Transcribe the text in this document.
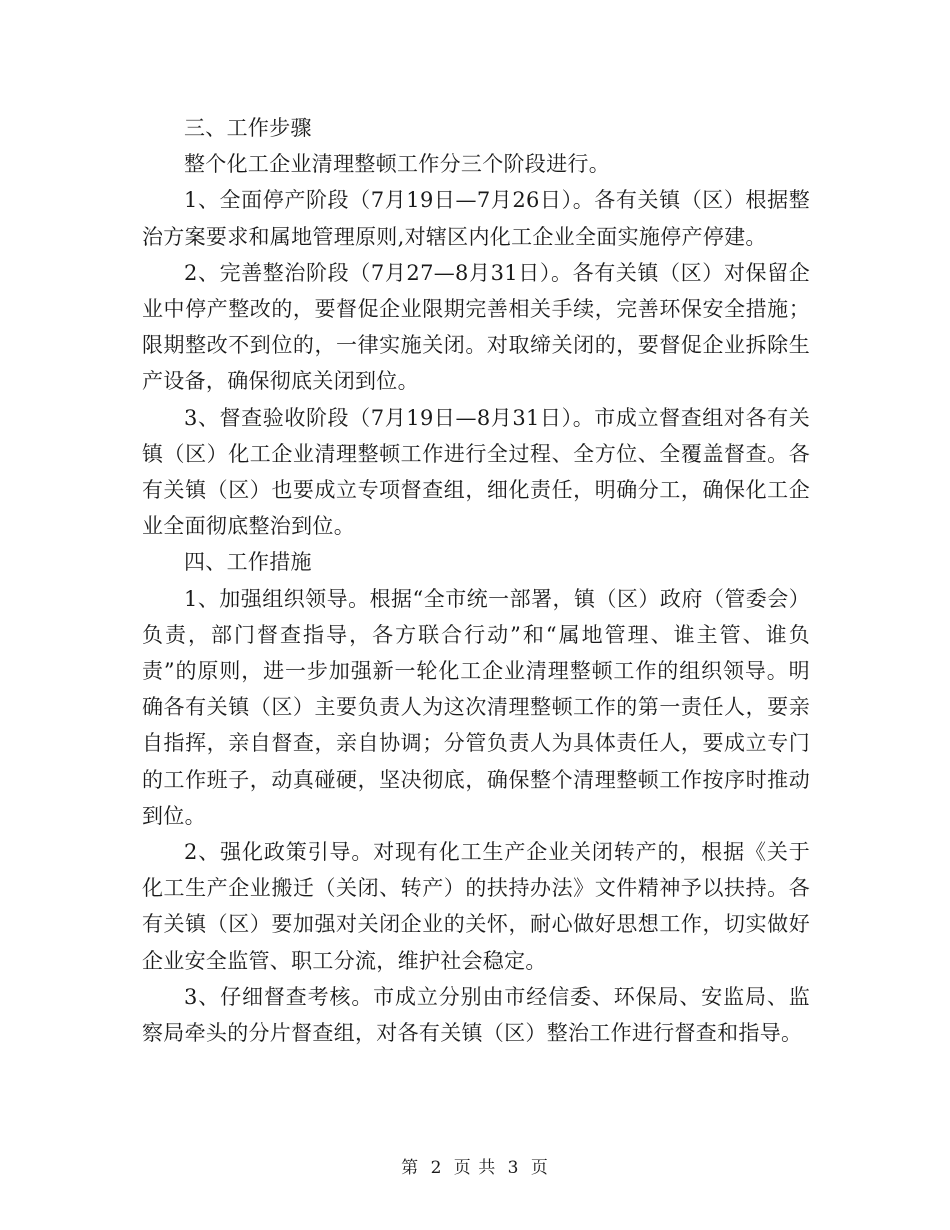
三、工作步骤

整个化工企业清理整顿工作分三个阶段进行。

1、全面停产阶段（7月19日—7月26日）。各有关镇（区）根据整治方案要求和属地管理原则,对辖区内化工企业全面实施停产停建。

2、完善整治阶段（7月27—8月31日）。各有关镇（区）对保留企业中停产整改的，要督促企业限期完善相关手续，完善环保安全措施；限期整改不到位的，一律实施关闭。对取缔关闭的，要督促企业拆除生产设备，确保彻底关闭到位。

3、督查验收阶段（7月19日—8月31日）。市成立督查组对各有关镇（区）化工企业清理整顿工作进行全过程、全方位、全覆盖督查。各有关镇（区）也要成立专项督查组，细化责任，明确分工，确保化工企业全面彻底整治到位。

四、工作措施

1、加强组织领导。根据“全市统一部署，镇（区）政府（管委会）负责，部门督查指导，各方联合行动”和“属地管理、谁主管、谁负责”的原则，进一步加强新一轮化工企业清理整顿工作的组织领导。明确各有关镇（区）主要负责人为这次清理整顿工作的第一责任人，要亲自指挥，亲自督查，亲自协调；分管负责人为具体责任人，要成立专门的工作班子，动真碰硬，坚决彻底，确保整个清理整顿工作按序时推动到位。

2、强化政策引导。对现有化工生产企业关闭转产的，根据《关于化工生产企业搬迁（关闭、转产）的扶持办法》文件精神予以扶持。各有关镇（区）要加强对关闭企业的关怀，耐心做好思想工作，切实做好企业安全监管、职工分流，维护社会稳定。

3、仔细督查考核。市成立分别由市经信委、环保局、安监局、监察局牵头的分片督查组，对各有关镇（区）整治工作进行督查和指导。

第 2 页 共 3 页
